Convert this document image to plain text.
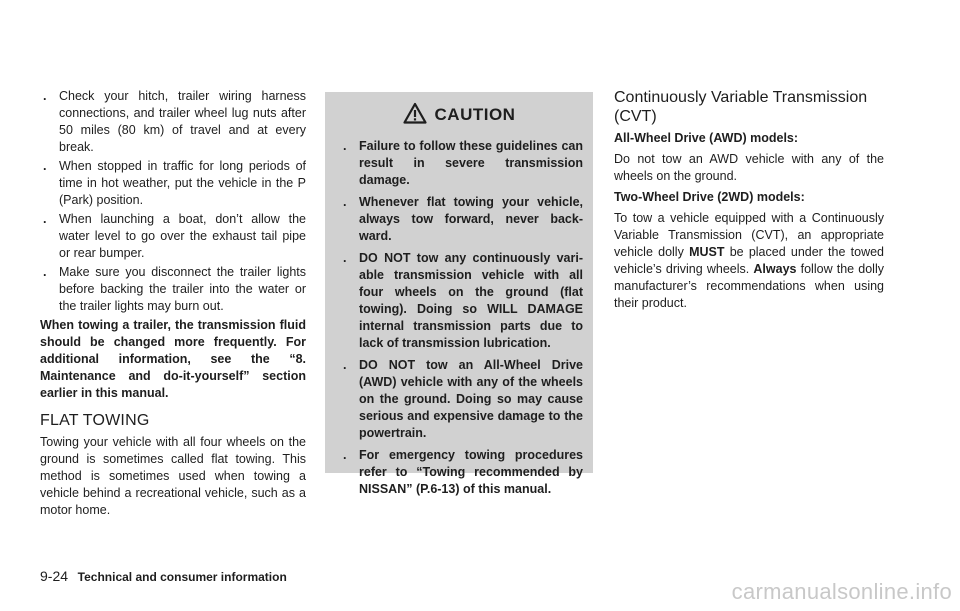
. Check your hitch, trailer wiring harness connections, and trailer wheel lug nuts after 50 miles (80 km) of travel and at every break.
. When stopped in traffic for long periods of time in hot weather, put the vehicle in the P (Park) position.
. When launching a boat, don’t allow the water level to go over the exhaust tail pipe or rear bumper.
. Make sure you disconnect the trailer lights before backing the trailer into the water or the trailer lights may burn out.

When towing a trailer, the transmission fluid should be changed more frequently. For additional information, see the “8. Maintenance and do-it-yourself” section earlier in this manual.

FLAT TOWING

Towing your vehicle with all four wheels on the ground is sometimes called flat towing. This method is sometimes used when towing a vehicle behind a recreational vehicle, such as a motor home.

CAUTION
. Failure to follow these guidelines can result in severe transmission damage.
. Whenever flat towing your vehicle, always tow forward, never back-ward.
. DO NOT tow any continuously vari-able transmission vehicle with all four wheels on the ground (flat towing). Doing so WILL DAMAGE internal transmission parts due to lack of transmission lubrication.
. DO NOT tow an All-Wheel Drive (AWD) vehicle with any of the wheels on the ground. Doing so may cause serious and expensive damage to the powertrain.
. For emergency towing procedures refer to “Towing recommended by NISSAN” (P.6-13) of this manual.
Continuously Variable Transmission (CVT)

All-Wheel Drive (AWD) models:

Do not tow an AWD vehicle with any of the wheels on the ground.

Two-Wheel Drive (2WD) models:

To tow a vehicle equipped with a Continuously Variable Transmission (CVT), an appropriate vehicle dolly MUST be placed under the towed vehicle’s driving wheels. Always follow the dolly manufacturer’s recommendations when using their product.

9-24 Technical and consumer information
carmanualsonline.info
